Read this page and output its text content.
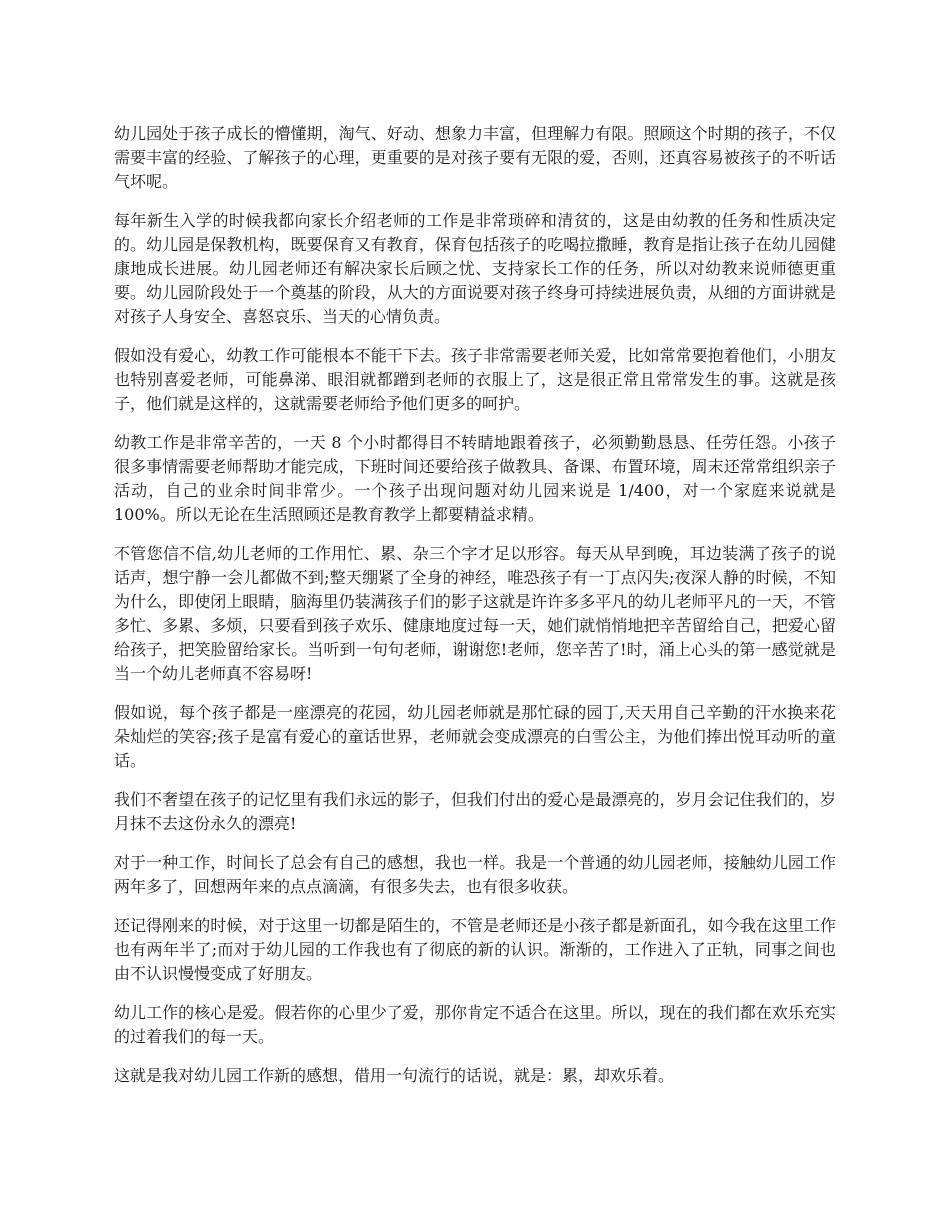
幼儿园处于孩子成长的懵懂期，淘气、好动、想象力丰富，但理解力有限。照顾这个时期的孩子，不仅需要丰富的经验、了解孩子的心理，更重要的是对孩子要有无限的爱，否则，还真容易被孩子的不听话气坏呢。

每年新生入学的时候我都向家长介绍老师的工作是非常琐碎和清贫的，这是由幼教的任务和性质决定的。幼儿园是保教机构，既要保育又有教育，保育包括孩子的吃喝拉撒睡，教育是指让孩子在幼儿园健康地成长进展。幼儿园老师还有解决家长后顾之忧、支持家长工作的任务，所以对幼教来说师德更重要。幼儿园阶段处于一个奠基的阶段，从大的方面说要对孩子终身可持续进展负责，从细的方面讲就是对孩子人身安全、喜怒哀乐、当天的心情负责。

假如没有爱心，幼教工作可能根本不能干下去。孩子非常需要老师关爱，比如常常要抱着他们，小朋友也特别喜爱老师，可能鼻涕、眼泪就都蹭到老师的衣服上了，这是很正常且常常发生的事。这就是孩子，他们就是这样的，这就需要老师给予他们更多的呵护。

幼教工作是非常辛苦的，一天 8 个小时都得目不转睛地跟着孩子，必须勤勤恳恳、任劳任怨。小孩子很多事情需要老师帮助才能完成，下班时间还要给孩子做教具、备课、布置环境，周末还常常组织亲子活动，自己的业余时间非常少。一个孩子出现问题对幼儿园来说是 1/400，对一个家庭来说就是 100%。所以无论在生活照顾还是教育教学上都要精益求精。

不管您信不信,幼儿老师的工作用忙、累、杂三个字才足以形容。每天从早到晚，耳边装满了孩子的说话声，想宁静一会儿都做不到;整天绷紧了全身的神经，唯恐孩子有一丁点闪失;夜深人静的时候，不知为什么，即使闭上眼睛，脑海里仍装满孩子们的影子这就是许许多多平凡的幼儿老师平凡的一天，不管多忙、多累、多烦，只要看到孩子欢乐、健康地度过每一天，她们就悄悄地把辛苦留给自己，把爱心留给孩子，把笑脸留给家长。当听到一句句老师，谢谢您!老师，您辛苦了!时，涌上心头的第一感觉就是当一个幼儿老师真不容易呀!

假如说，每个孩子都是一座漂亮的花园，幼儿园老师就是那忙碌的园丁,天天用自己辛勤的汗水换来花朵灿烂的笑容;孩子是富有爱心的童话世界，老师就会变成漂亮的白雪公主，为他们捧出悦耳动听的童话。

我们不奢望在孩子的记忆里有我们永远的影子，但我们付出的爱心是最漂亮的，岁月会记住我们的，岁月抹不去这份永久的漂亮!

对于一种工作，时间长了总会有自己的感想，我也一样。我是一个普通的幼儿园老师，接触幼儿园工作两年多了，回想两年来的点点滴滴，有很多失去，也有很多收获。

还记得刚来的时候，对于这里一切都是陌生的，不管是老师还是小孩子都是新面孔，如今我在这里工作也有两年半了;而对于幼儿园的工作我也有了彻底的新的认识。渐渐的，工作进入了正轨，同事之间也由不认识慢慢变成了好朋友。

幼儿工作的核心是爱。假若你的心里少了爱，那你肯定不适合在这里。所以，现在的我们都在欢乐充实的过着我们的每一天。

这就是我对幼儿园工作新的感想，借用一句流行的话说，就是：累，却欢乐着。
